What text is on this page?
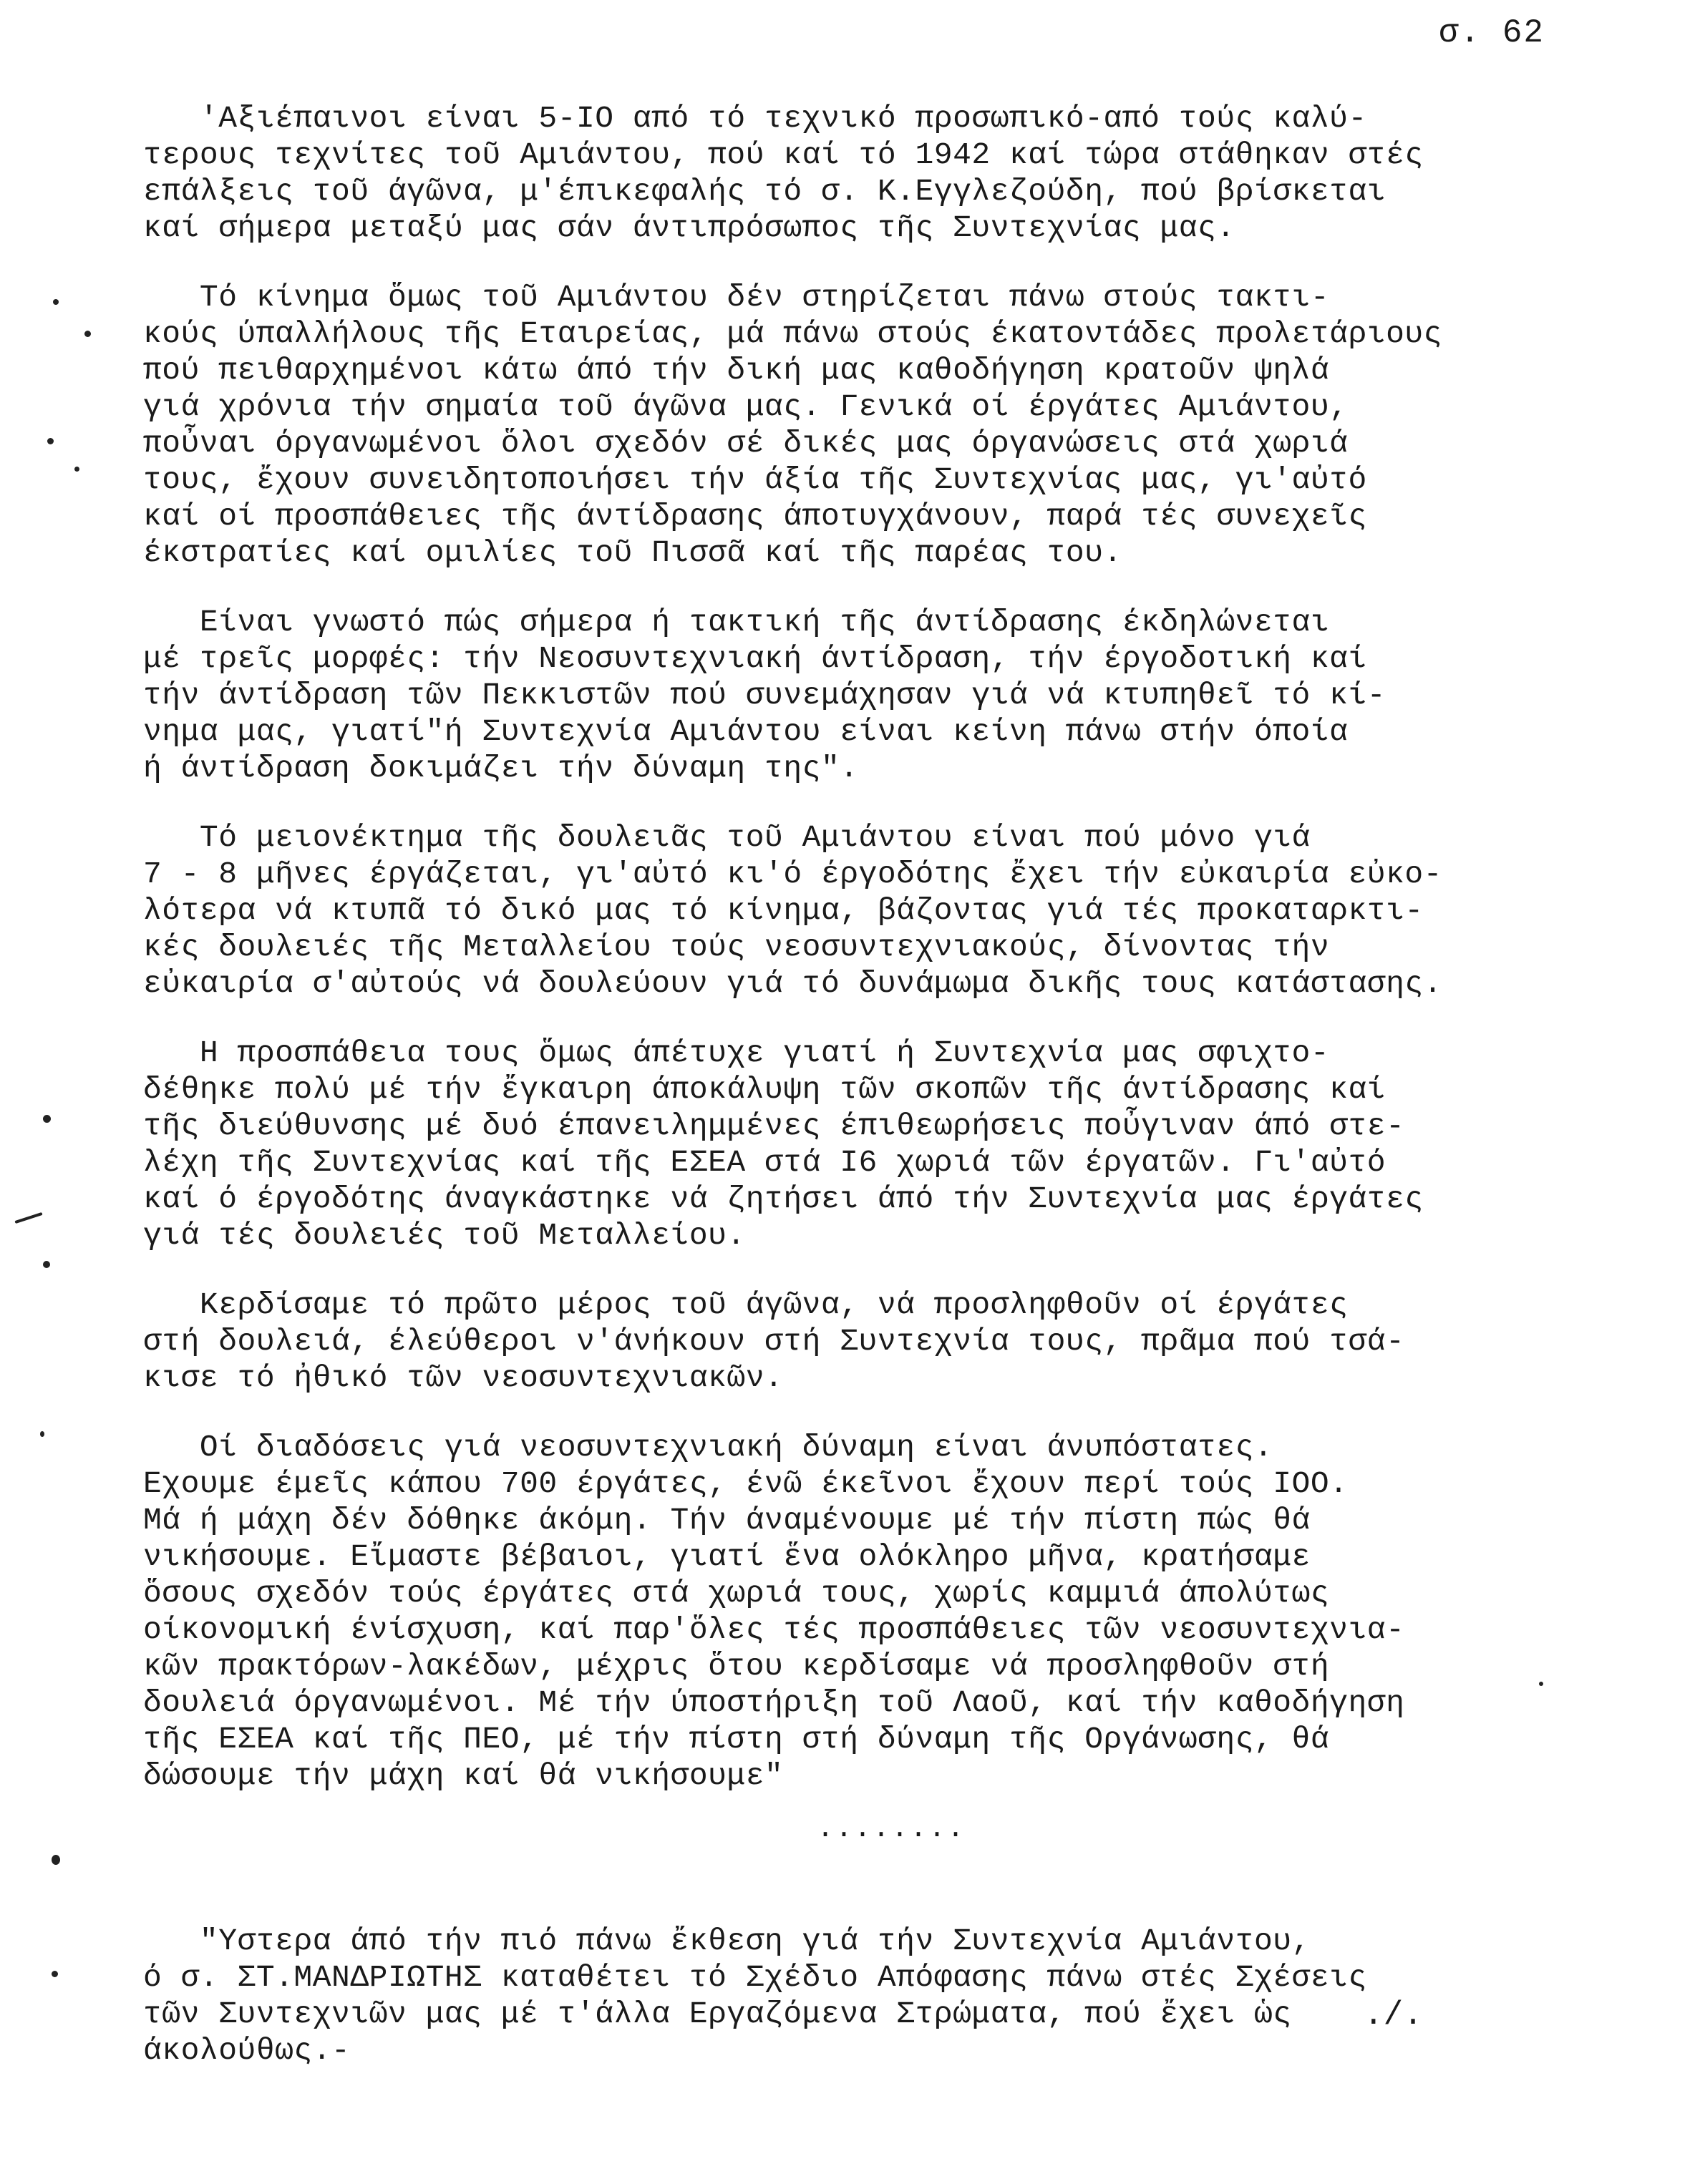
σ. 62
'Αξιέπαινοι είναι 5-ΙΟ από τό τεχνικό προσωπικό-από τούς καλύ-
τερους τεχνίτες τοῦ Αμιάντου, πού καί τό 1942 καί τώρα στάθηκαν στές
επάλξεις τοῦ άγῶνα, μ'έπικεφαλής τό σ. Κ.Εγγλεζούδη, πού βρίσκεται
καί σήμερα μεταξύ μας σάν άντιπρόσωπος τῆς Συντεχνίας μας.
Τό κίνημα ὅμως τοῦ Αμιάντου δέν στηρίζεται πάνω στούς τακτι-
κούς ύπαλλήλους τῆς Εταιρείας, μά πάνω στούς έκατοντάδες προλετάριους
πού πειθαρχημένοι κάτω άπό τήν δική μας καθοδήγηση κρατοῦν ψηλά
γιά χρόνια τήν σημαία τοῦ άγῶνα μας. Γενικά οί έργάτες Αμιάντου,
ποὖναι όργανωμένοι ὅλοι σχεδόν σέ δικές μας όργανώσεις στά χωριά
τους, ἔχουν συνειδητοποιήσει τήν άξία τῆς Συντεχνίας μας, γι'αὐτό
καί οί προσπάθειες τῆς άντίδρασης άποτυγχάνουν, παρά τές συνεχεῖς
έκστρατίες καί ομιλίες τοῦ Πισσᾶ καί τῆς παρέας του.
Είναι γνωστό πώς σήμερα ή τακτική τῆς άντίδρασης έκδηλώνεται
μέ τρεῖς μορφές: τήν Νεοσυντεχνιακή άντίδραση, τήν έργοδοτική καί
τήν άντίδραση τῶν Πεκκιστῶν πού συνεμάχησαν γιά νά κτυπηθεῖ τό κί-
νημα μας, γιατί"ή Συντεχνία Αμιάντου είναι κείνη πάνω στήν όποία
ή άντίδραση δοκιμάζει τήν δύναμη της".
Τό μειονέκτημα τῆς δουλειᾶς τοῦ Αμιάντου είναι πού μόνο γιά
7 - 8 μῆνες έργάζεται, γι'αὐτό κι'ό έργοδότης ἔχει τήν εὐκαιρία εὐκο-
λότερα νά κτυπᾶ τό δικό μας τό κίνημα, βάζοντας γιά τές προκαταρκτι-
κές δουλειές τῆς Μεταλλείου τούς νεοσυντεχνιακούς, δίνοντας τήν
εὐκαιρία σ'αὐτούς νά δουλεύουν γιά τό δυνάμωμα δικῆς τους κατάστασης.
Η προσπάθεια τους ὅμως άπέτυχε γιατί ή Συντεχνία μας σφιχτο-
δέθηκε πολύ μέ τήν ἔγκαιρη άποκάλυψη τῶν σκοπῶν τῆς άντίδρασης καί
τῆς διεύθυνσης μέ δυό έπανειλημμένες έπιθεωρήσεις ποὖγιναν άπό στε-
λέχη τῆς Συντεχνίας καί τῆς ΕΣΕΑ στά Ι6 χωριά τῶν έργατῶν. Γι'αὐτό
καί ό έργοδότης άναγκάστηκε νά ζητήσει άπό τήν Συντεχνία μας έργάτες
γιά τές δουλειές τοῦ Μεταλλείου.
Κερδίσαμε τό πρῶτο μέρος τοῦ άγῶνα, νά προσληφθοῦν οί έργάτες
στή δουλειά, έλεύθεροι ν'άνήκουν στή Συντεχνία τους, πρᾶμα πού τσά-
κισε τό ἠθικό τῶν νεοσυντεχνιακῶν.
Οί διαδόσεις γιά νεοσυντεχνιακή δύναμη είναι άνυπόστατες.
Εχουμε έμεῖς κάπου 700 έργάτες, ένῶ έκεῖνοι ἔχουν περί τούς ΙΟΟ.
Μά ή μάχη δέν δόθηκε άκόμη. Τήν άναμένουμε μέ τήν πίστη πώς θά
νικήσουμε. Εἴμαστε βέβαιοι, γιατί ἕνα ολόκληρο μῆνα, κρατήσαμε
ὅσους σχεδόν τούς έργάτες στά χωριά τους, χωρίς καμμιά άπολύτως
οίκονομική ένίσχυση, καί παρ'ὅλες τές προσπάθειες τῶν νεοσυντεχνια-
κῶν πρακτόρων-λακέδων, μέχρις ὅτου κερδίσαμε νά προσληφθοῦν στή
δουλειά όργανωμένοι. Μέ τήν ύποστήριξη τοῦ Λαοῦ, καί τήν καθοδήγηση
τῆς ΕΣΕΑ καί τῆς ΠΕΟ, μέ τήν πίστη στή δύναμη τῆς Οργάνωσης, θά
δώσουμε τήν μάχη καί θά νικήσουμε"
........
"Υστερα άπό τήν πιό πάνω ἔκθεση γιά τήν Συντεχνία Αμιάντου,
ό σ. ΣΤ.ΜΑΝΔΡΙΩΤΗΣ καταθέτει τό Σχέδιο Απόφασης πάνω στές Σχέσεις
τῶν Συντεχνιῶν μας μέ τ'άλλα Εργαζόμενα Στρώματα, πού ἔχει ὡς
άκολούθως.-
./.
